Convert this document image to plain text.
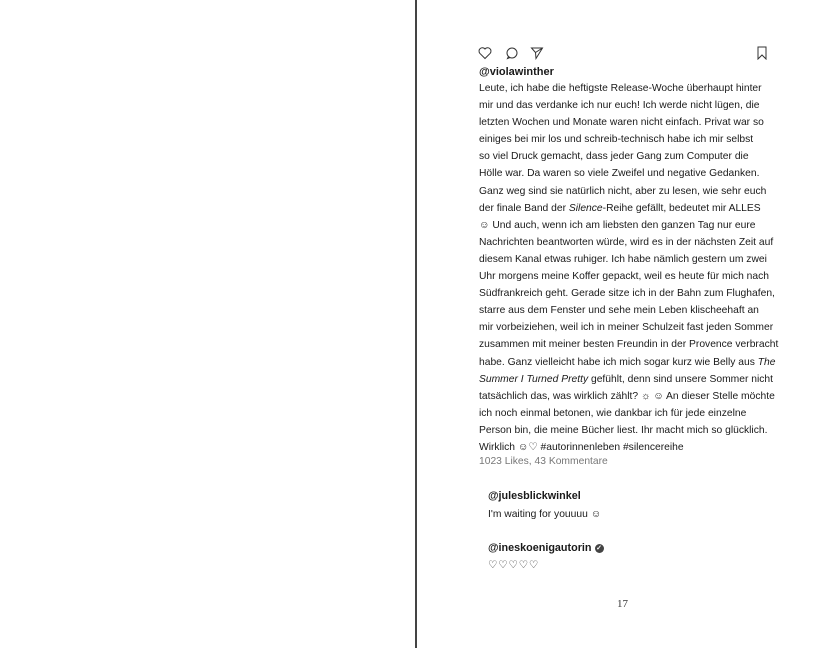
@violawinther
Leute, ich habe die heftigste Release-Woche überhaupt hinter
mir und das verdanke ich nur euch! Ich werde nicht lügen, die
letzten Wochen und Monate waren nicht einfach. Privat war so
einiges bei mir los und schreib-technisch habe ich mir selbst
so viel Druck gemacht, dass jeder Gang zum Computer die
Hölle war. Da waren so viele Zweifel und negative Gedanken.
Ganz weg sind sie natürlich nicht, aber zu lesen, wie sehr euch
der finale Band der Silence-Reihe gefällt, bedeutet mir ALLES
☺ Und auch, wenn ich am liebsten den ganzen Tag nur eure
Nachrichten beantworten würde, wird es in der nächsten Zeit auf
diesem Kanal etwas ruhiger. Ich habe nämlich gestern um zwei
Uhr morgens meine Koffer gepackt, weil es heute für mich nach
Südfrankreich geht. Gerade sitze ich in der Bahn zum Flughafen,
starre aus dem Fenster und sehe mein Leben klischeehaft an
mir vorbeiziehen, weil ich in meiner Schulzeit fast jeden Sommer
zusammen mit meiner besten Freundin in der Provence verbracht
habe. Ganz vielleicht habe ich mich sogar kurz wie Belly aus The
Summer I Turned Pretty gefühlt, denn sind unsere Sommer nicht
tatsächlich das, was wirklich zählt? ☼ ☺ An dieser Stelle möchte
ich noch einmal betonen, wie dankbar ich für jede einzelne
Person bin, die meine Bücher liest. Ihr macht mich so glücklich.
Wirklich ☺♡ #autorinnenleben #silencereihe
1023 Likes, 43 Kommentare
@julesblickwinkel
I'm waiting for youuuu ☺
@ineskoenigautorin ✓
♡♡♡♡♡
17
